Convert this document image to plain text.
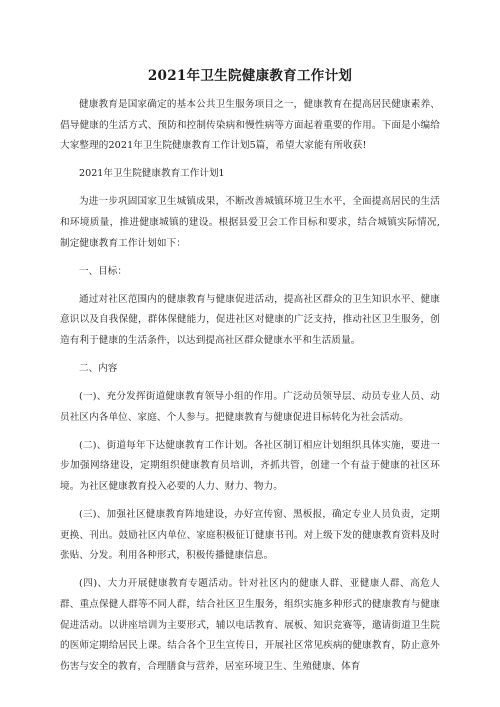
2021年卫生院健康教育工作计划

健康教育是国家确定的基本公共卫生服务项目之一，健康教育在提高居民健康素养、倡导健康的生活方式、预防和控制传染病和慢性病等方面起着重要的作用。下面是小编给大家整理的2021年卫生院健康教育工作计划5篇，希望大家能有所收获!

2021年卫生院健康教育工作计划1

为进一步巩固国家卫生城镇成果，不断改善城镇环境卫生水平，全面提高居民的生活和环境质量，推进健康城镇的建设。根据县爱卫会工作目标和要求，结合城镇实际情况,制定健康教育工作计划如下：

一、目标：

通过对社区范围内的健康教育与健康促进活动，提高社区群众的卫生知识水平、健康意识以及自我保健，群体保健能力，促进社区对健康的广泛支持，推动社区卫生服务，创造有利于健康的生活条件，以达到提高社区群众健康水平和生活质量。

二、内容

(一)、充分发挥街道健康教育领导小组的作用。广泛动员领导层、动员专业人员、动员社区内各单位、家庭、个人参与。把健康教育与健康促进目标转化为社会活动。

(二)、街道每年下达健康教育工作计划。各社区制订相应计划组织具体实施，要进一步加强网络建设，定期组织健康教育员培训，齐抓共管，创建一个有益于健康的社区环境。为社区健康教育投入必要的人力、财力、物力。

(三)、加强社区健康教育阵地建设，办好宣传窗、黑板报，确定专业人员负责，定期更换、刊出。鼓励社区内单位、家庭积极征订健康书刊。对上级下发的健康教育资料及时张贴、分发。利用各种形式，积极传播健康信息。

(四)、大力开展健康教育专题活动。针对社区内的健康人群、亚健康人群、高危人群、重点保健人群等不同人群，结合社区卫生服务，组织实施多种形式的健康教育与健康促进活动。以讲座培训为主要形式，辅以电话教育、展板、知识竞赛等，邀请街道卫生院的医师定期给居民上课。结合各个卫生宣传日，开展社区常见疾病的健康教育，防止意外伤害与安全的教育，合理膳食与营养，居室环境卫生、生殖健康、体育
